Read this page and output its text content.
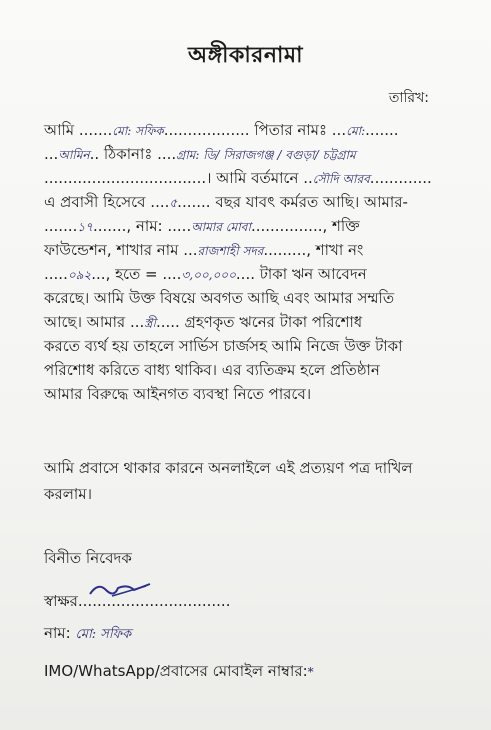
অঙ্গীকারনামা
তারিখ:
আমি .......মো: সফিক.................. পিতার নামঃ ...মো:.......
...আমিন.. ঠিকানাঃ ....গ্রাম: ডি/ সিরাজগঞ্জ / বগুড়া/ চট্টগ্রাম
..................................। আমি বর্তমানে ..সৌদি আরব.............
এ প্রবাসী হিসেবে ....৫....... বছর যাবৎ কর্মরত আছি। আমার-
.......১৭......., নাম: .....আমার মোবা..............., শক্তি
ফাউন্ডেশন, শাখার নাম ...রাজশাহী সদর........., শাখা নং
.....০৯২..., হতে = ....৩,০০,০০০.... টাকা ঋন আবেদন
করেছে। আমি উক্ত বিষয়ে অবগত আছি এবং আমার সম্মতি
আছে। আমার ...স্ত্রী..... গ্রহণকৃত ঋনের টাকা পরিশোধ
করতে ব্যর্থ হয় তাহলে সার্ভিস চার্জসহ আমি নিজে উক্ত টাকা
পরিশোধ করিতে বাধ্য থাকিব। এর ব্যতিক্রম হলে প্রতিষ্ঠান
আমার বিরুদ্ধে আইনগত ব্যবস্থা নিতে পারবে।
আমি প্রবাসে থাকার কারনে অনলাইলে এই প্রত্যয়ণ পত্র দাখিল করলাম।
বিনীত নিবেদক
স্বাক্ষর................................
নাম: মো: সফিক
IMO/WhatsApp/প্রবাসের মোবাইল নাম্বার:*
